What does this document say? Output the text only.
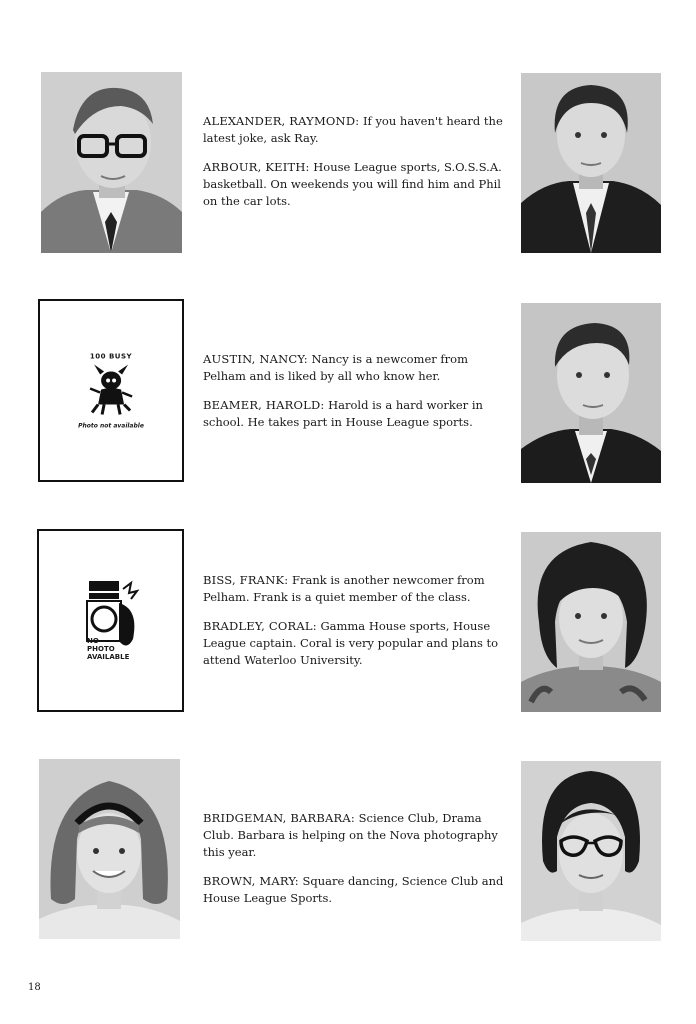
ALEXANDER, RAYMOND: If you haven't heard the latest joke, ask Ray.

ARBOUR, KEITH: House League sports, S.O.S.S.A. basketball. On weekends you will find him and Phil on the car lots.

100 BUSY
Photo not available

AUSTIN, NANCY: Nancy is a newcomer from Pelham and is liked by all who know her.

BEAMER, HAROLD: Harold is a hard worker in school. He takes part in House League sports.

NO
PHOTO
AVAILABLE

BISS, FRANK: Frank is another newcomer from Pelham. Frank is a quiet member of the class.

BRADLEY, CORAL: Gamma House sports, House League captain. Coral is very popular and plans to attend Waterloo University.

BRIDGEMAN, BARBARA: Science Club, Drama Club. Barbara is helping on the Nova photography this year.

BROWN, MARY: Square dancing, Science Club and House League Sports.

18
